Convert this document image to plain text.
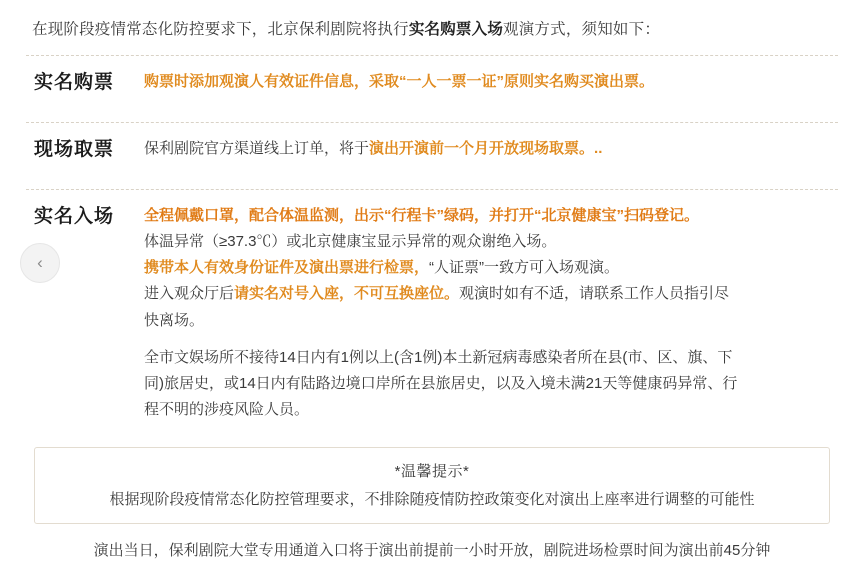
在现阶段疫情常态化防控要求下，北京保利剧院将执行实名购票入场观演方式，须知如下：
实名购票	购票时添加观演人有效证件信息，采取“一人一票一证”原则实名购买演出票。

现场取票	保利剧院官方渠道线上订单，将于演出开演前一个月开放现场取票。..

实名入场	全程佩戴口罩，配合体温监测，出示“行程卡”绿码，并打开“北京健康宝”扫码登记。

体温异常（≥37.3℃）或北京健康宝显示异常的观众谢绝入场。

携带本人有效身份证件及演出票进行检票，“人证票”一致方可入场观演。

进入观众厅后请实名对号入座，不可互换座位。观演时如有不适，请联系工作人员指引尽

快离场。

全市文娱场所不接待14日内有1例以上(含1例)本土新冠病毒感染者所在县(市、区、旗、下

同)旅居史，或14日内有陆路边境口岸所在县旅居史，以及入境未满21天等健康码异常、行

程不明的涉疫风险人员。

*温馨提示*
根据现阶段疫情常态化防控管理要求，不排除随疫情防控政策变化对演出上座率进行调整的可能性
演出当日，保利剧院大堂专用通道入口将于演出前提前一小时开放，剧院进场检票时间为演出前45分钟
‹
